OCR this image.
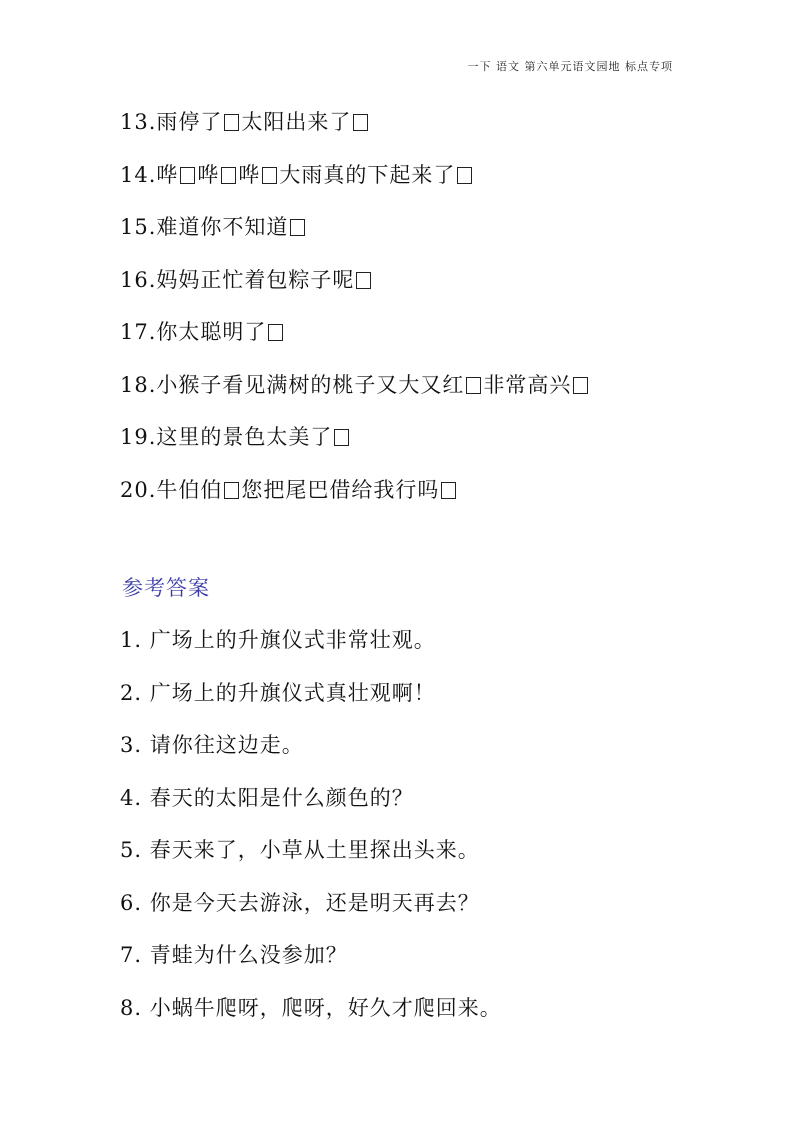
一下 语文 第六单元语文园地 标点专项
13.雨停了 太阳出来了
14.哗 哗 哗 大雨真的下起来了
15.难道你不知道
16.妈妈正忙着包粽子呢
17.你太聪明了
18.小猴子看见满树的桃子又大又红 非常高兴
19.这里的景色太美了
20.牛伯伯 您把尾巴借给我行吗
参考答案
1. 广场上的升旗仪式非常壮观。
2. 广场上的升旗仪式真壮观啊！
3. 请你往这边走。
4. 春天的太阳是什么颜色的？
5. 春天来了，小草从土里探出头来。
6. 你是今天去游泳，还是明天再去？
7. 青蛙为什么没参加？
8. 小蜗牛爬呀，爬呀，好久才爬回来。
